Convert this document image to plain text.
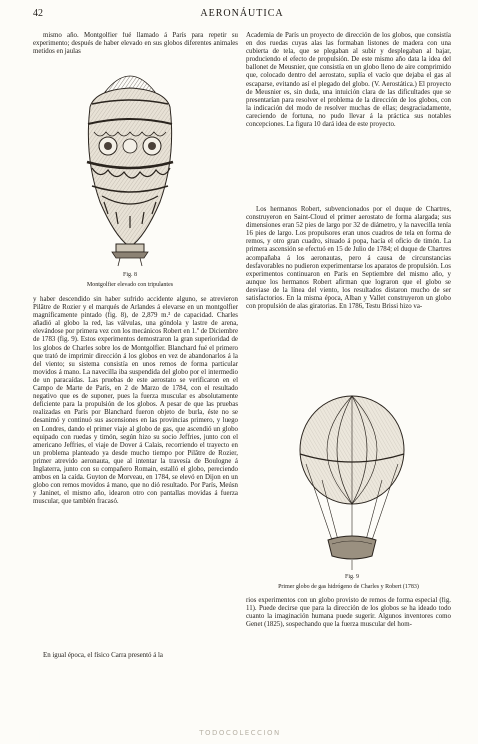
42	AERONÁUTICA

mismo año. Montgolfier fué llamado á París para repetir su experimento; después de haber elevado en sus globos diferentes animales metidos en jaulas

Fig. 8
Montgolfier elevado con tripulantes

y haber descendido sin haber sufrido accidente alguno, se atrevieron Pilâtre de Rozier y el marqués de Arlandes á elevarse en un montgolfier magníficamente pintado (fig. 8), de 2,879 m.³ de capacidad. Charles añadió al globo la red, las válvulas, una góndola y lastre de arena, elevándose por primera vez con los mecánicos Robert en 1.º de Diciembre de 1783 (fig. 9). Estos experimentos demostraron la gran superioridad de los globos de Charles sobre los de Montgolfier. Blanchard fué el primero que trató de imprimir dirección á los globos en vez de abandonarlos á la del viento; su sistema consistía en unos remos de forma particular movidos á mano. La navecilla iba suspendida del globo por el intermedio de un paracaídas. Las pruebas de este aerostato se verificaron en el Campo de Marte de París, en 2 de Marzo de 1784, con el resultado negativo que es de suponer, pues la fuerza muscular es absolutamente deficiente para la propulsión de los globos. A pesar de que las pruebas realizadas en París por Blanchard fueron objeto de burla, éste no se desanimó y continuó sus ascensiones en las provincias primero, y luego en Londres, dando el primer viaje al globo de gas, que ascendió un globo equipado con ruedas y timón, según hizo su socio Jeffries, junto con el americano Jeffries, el viaje de Dover á Calais, recorriendo el trayecto en un problema planteado ya desde mucho tiempo por Pilâtre de Rozier, primer atrevido aeronauta, que al intentar la travesía de Boulogne á Inglaterra, junto con su compañero Romain, estalló el globo, pereciendo ambos en la caída. Guyton de Morveau, en 1784, se elevó en Dijon en un globo con remos movidos á mano, que no dió resultado. Por París, Meúsn y Janinet, el mismo año, idearon otro con pantallas movidas á fuerza muscular, que también fracasó.

En igual época, el físico Carra presentó á la

Academia de París un proyecto de dirección de los globos, que consistía en dos ruedas cuyas alas las formaban listones de madera con una cubierta de tela, que se plegaban al subir y desplegaban al bajar, produciendo el efecto de propulsión. De este mismo año data la idea del ballonet de Meusnier, que consistía en un globo lleno de aire comprimido que, colocado dentro del aerostato, suplía el vacío que dejaba el gas al escaparse, evitando así el plegado del globo. (V. Aerostática.) El proyecto de Meusnier es, sin duda, una intuición clara de las dificultades que se presentarían para resolver el problema de la dirección de los globos, con la indicación del modo de resolver muchas de ellas; desgraciadamente, careciendo de fortuna, no pudo llevar á la práctica sus notables concepciones. La figura 10 dará idea de este proyecto.

Los hermanos Robert, subvencionados por el duque de Chartres, construyeron en Saint-Cloud el primer aerostato de forma alargada; sus dimensiones eran 52 pies de largo por 32 de diámetro, y la navecilla tenía 16 pies de largo. Los propulsores eran unos cuadros de tela en forma de remos, y otro gran cuadro, situado á popa, hacía el oficio de timón. La primera ascensión se efectuó en 15 de Julio de 1784; el duque de Chartres acompañaba á los aeronautas, pero á causa de circunstancias desfavorables no pudieron experimentarse los aparatos de propulsión. Los experimentos continuaron en París en Septiembre del mismo año, y aunque los hermanos Robert afirman que lograron que el globo se desviase de la línea del viento, los resultados distaron mucho de ser satisfactorios. En la misma época, Alban y Vallet construyeron un globo con propulsión de alas giratorias. En 1786, Testu Brissi hizo va-

Fig. 9
Primer globo de gas hidrógeno de Charles y Robert (1783)

rios experimentos con un globo provisto de remos de forma especial (fig. 11). Puede decirse que para la dirección de los globos se ha ideado todo cuanto la imaginación humana puede sugerir. Algunos inventores como Genet (1825), sospechando que la fuerza muscular del hom-

TODOCOLECCION
